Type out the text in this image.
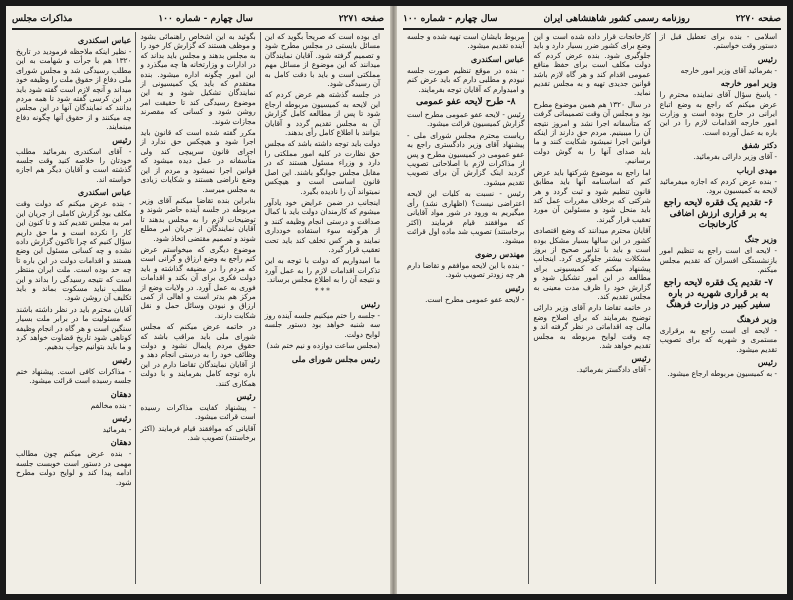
صفحه ۲۲۷۱
سال چهارم - شماره ۱۰۰
مذاکرات مجلس

ای بوده است که صریحاً بگوید که این مسائل بایستی در مجلس مطرح شود و تصمیم گرفته شود. آقایان نمایندگان میدانند که این موضوع از مسائل مهم مملکتی است و باید با دقت کامل به آن رسیدگی شود.

در جلسه گذشته هم عرض کردم که این لایحه به کمیسیون مربوطه ارجاع شود تا پس از مطالعه کامل گزارش آن به مجلس تقدیم گردد و آقایان بتوانند با اطلاع کامل رأی بدهند.

دولت باید توجه داشته باشد که مجلس حق نظارت در کلیه امور مملکتی را دارد و وزراء مسئول هستند که در مقابل مجلس جوابگو باشند. این اصل قانون اساسی است و هیچکس نمیتواند آن را نادیده بگیرد.

اینجانب در ضمن عرایض خود یادآور میشوم که کارمندان دولت باید با کمال صداقت و درستی انجام وظیفه کنند و از هرگونه سوء استفاده خودداری نمایند و هر کس تخلف کند باید تحت تعقیب قرار گیرد.

ما امیدواریم که دولت با توجه به این تذکرات اقدامات لازم را به عمل آورد و نتیجه آن را به اطلاع مجلس برساند.

* * *
رئیس

- جلسه را ختم میکنیم جلسه آینده روز سه شنبه خواهد بود دستور جلسه لوایح دولت.

(مجلس ساعت دوازده و نیم ختم شد)

رئیس مجلس شورای ملی

بگوئید به این اشخاص راهنمائی بشود و موظف هستند که گزارش کار خود را به مجلس بدهند و مجلس باید بداند که در ادارات و وزارتخانه ها چه میگذرد و این امور چگونه اداره میشود. بنده معتقدم که باید یک کمیسیونی از نمایندگان تشکیل شود و به این موضوع رسیدگی کند تا حقیقت امر روشن شود و کسانی که مقصرند مجازات شوند.

مکرر گفته شده است که قانون باید اجرا شود و هیچکس حق ندارد از اجرای قانون سرپیچی کند ولی متأسفانه در عمل دیده میشود که قوانین اجرا نمیشود و مردم از این وضع ناراضی هستند و شکایات زیادی به مجلس میرسد.

بنابراین بنده تقاضا میکنم آقای وزیر مربوطه در جلسه آینده حاضر شوند و توضیحات لازم را به مجلس بدهند تا آقایان نمایندگان از جریان امر مطلع شوند و تصمیم مقتضی اتخاذ شود.

موضوع دیگری که میخواستم عرض کنم راجع به وضع ارزاق و گرانی است که مردم را در مضیقه گذاشته و باید دولت فکری برای آن بکند و اقدامات فوری به عمل آورد. در ولایات وضع از مرکز هم بدتر است و اهالی از کمی ارزاق و نبودن وسائل حمل و نقل شکایت دارند.

در خاتمه عرض میکنم که مجلس شورای ملی باید مراقب باشد که حقوق مردم پایمال نشود و دولت وظائف خود را به درستی انجام دهد و از آقایان نمایندگان تقاضا دارم در این باره توجه کامل بفرمایند و با دولت همکاری کنند.

رئیس

- پیشنهاد کفایت مذاکرات رسیده است قرائت میشود.

آقایانی که موافقند قیام فرمایند (اکثر برخاستند) تصویب شد.

عباس اسکندری

- نظیر اینکه ملاحظه فرمودید در تاریخ ۱۳۲۰ هم با جرأت و شهامت به این مطلب رسیدگی شد و مجلس شورای ملی دفاع از حقوق ملت را وظیفه خود میداند و آنچه لازم است گفته شود باید در این کرسی گفته شود تا همه مردم بدانند که نمایندگان آنها در این مجلس چه میکنند و از حقوق آنها چگونه دفاع مینمایند.

رئیس

- آقای اسکندری بفرمائید مطلب خودتان را خلاصه کنید وقت جلسه گذشته است و آقایان دیگر هم اجازه خواسته اند.

عباس اسکندری

- بنده عرض میکنم که دولت وقت مکلف بود گزارش کاملی از جریان این امر به مجلس تقدیم کند و تا کنون این کار را نکرده است و ما حق داریم سؤال کنیم که چرا تاکنون گزارش داده نشده و چه کسانی مسئول این وضع هستند و اقدامات دولت در این باره تا چه حد بوده است. ملت ایران منتظر است که نتیجه رسیدگی را بداند و این مطلب نباید مسکوت بماند و باید تکلیف آن روشن شود.

آقایان محترم باید در نظر داشته باشند که مسئولیت ما در برابر ملت بسیار سنگین است و هر گاه در انجام وظیفه کوتاهی شود تاریخ قضاوت خواهد کرد و ما باید بتوانیم جواب بدهیم.

رئیس

- مذاکرات کافی است. پیشنهاد ختم جلسه رسیده است قرائت میشود.

دهقان

- بنده مخالفم

رئیس

- بفرمائید

دهقان

- بنده عرض میکنم چون مطالب مهمی در دستور است خوبست جلسه ادامه پیدا کند و لوایح دولت مطرح شود.

صفحه ۲۲۷۰
روزنامه رسمی کشور شاهنشاهی ایران
سال چهارم - شماره ۱۰۰

اسلامی - بنده برای تعطیل قبل از دستور وقت خواستم.

رئیس

- بفرمائید آقای وزیر امور خارجه

وزیر امور خارجه

- پاسخ سؤال آقای نماینده محترم را عرض میکنم که راجع به وضع اتباع ایرانی در خارج بوده است و وزارت امور خارجه اقدامات لازم را در این باره به عمل آورده است.

دکتر شفق

- آقای وزیر دارائی بفرمائید.

مهدی ارباب

- بنده عرض کردم که اجازه میفرمائید لایحه به کمیسیون برود.

۶- تقدیم یک فقره لایحه راجع به بر قراری ارزش اضافی کارخانجات
وزیر جنگ

- لایحه ای است راجع به تنظیم امور بازنشستگی افسران که تقدیم مجلس میکنم.

۷- تقدیم یک فقره لایحه راجع به بر قراری شهریه در باره سفیر کبیر در وزارت فرهنگ
وزیر فرهنگ

- لایحه ای است راجع به برقراری مستمری و شهریه که برای تصویب تقدیم میشود.

رئیس

- به کمیسیون مربوطه ارجاع میشود.

کارخانجات قرار داده شده است و این وضع برای کشور ضرر بسیار دارد و باید جلوگیری شود. بنده عرض کردم که دولت مکلف است برای حفظ منافع عمومی اقدام کند و هر گاه لازم باشد قوانین جدیدی تهیه و به مجلس تقدیم نماید.

در سال ۱۳۲۰ هم همین موضوع مطرح بود و مجلس آن وقت تصمیماتی گرفت که متأسفانه اجرا نشد و امروز نتیجه آن را میبینیم. مردم حق دارند از اینکه قوانین اجرا نمیشود شکایت کنند و ما باید صدای آنها را به گوش دولت برسانیم.

اما راجع به موضوع شرکتها باید عرض کنم که اساسنامه آنها باید مطابق قانون تنظیم شود و ثبت گردد و هر شرکتی که برخلاف مقررات عمل کند باید منحل شود و مسئولین آن مورد تعقیب قرار گیرند.

آقایان محترم میدانند که وضع اقتصادی کشور در این سالها بسیار مشکل بوده است و باید با تدابیر صحیح از بروز مشکلات بیشتر جلوگیری کرد. اینجانب پیشنهاد میکنم که کمیسیونی برای مطالعه در این امور تشکیل شود و گزارش خود را ظرف مدت معینی به مجلس تقدیم کند.

در خاتمه تقاضا دارم آقای وزیر دارائی توضیح بفرمایند که برای اصلاح وضع مالی چه اقداماتی در نظر گرفته اند و چه وقت لوایح مربوطه به مجلس تقدیم خواهد شد.

رئیس

- آقای دادگستر بفرمائید.

مربوط بایشان است تهیه شده و جلسه آینده تقدیم میشود.

عباس اسکندری

- بنده در موقع تنظیم صورت جلسه نبودم و مطلبی دارم که باید عرض کنم و امیدوارم که آقایان توجه بفرمایند.

۸- طرح لایحه عفو عمومی

رئیس - لایحه عفو عمومی مطرح است گزارش کمیسیون قرائت میشود.

ریاست محترم مجلس شورای ملی - پیشنهاد آقای وزیر دادگستری راجع به عفو عمومی در کمیسیون مطرح و پس از مذاکرات لازم با اصلاحاتی تصویب گردید اینک گزارش آن برای تصویب تقدیم میشود.

رئیس - نسبت به کلیات این لایحه اعتراضی نیست؟ (اظهاری نشد) رأی میگیریم به ورود در شور مواد آقایانی که موافقند قیام فرمایند (اکثر برخاستند) تصویب شد ماده اول قرائت میشود.

مهندس رضوی

- بنده با این لایحه موافقم و تقاضا دارم هر چه زودتر تصویب شود.

رئیس

- لایحه عفو عمومی مطرح است.
